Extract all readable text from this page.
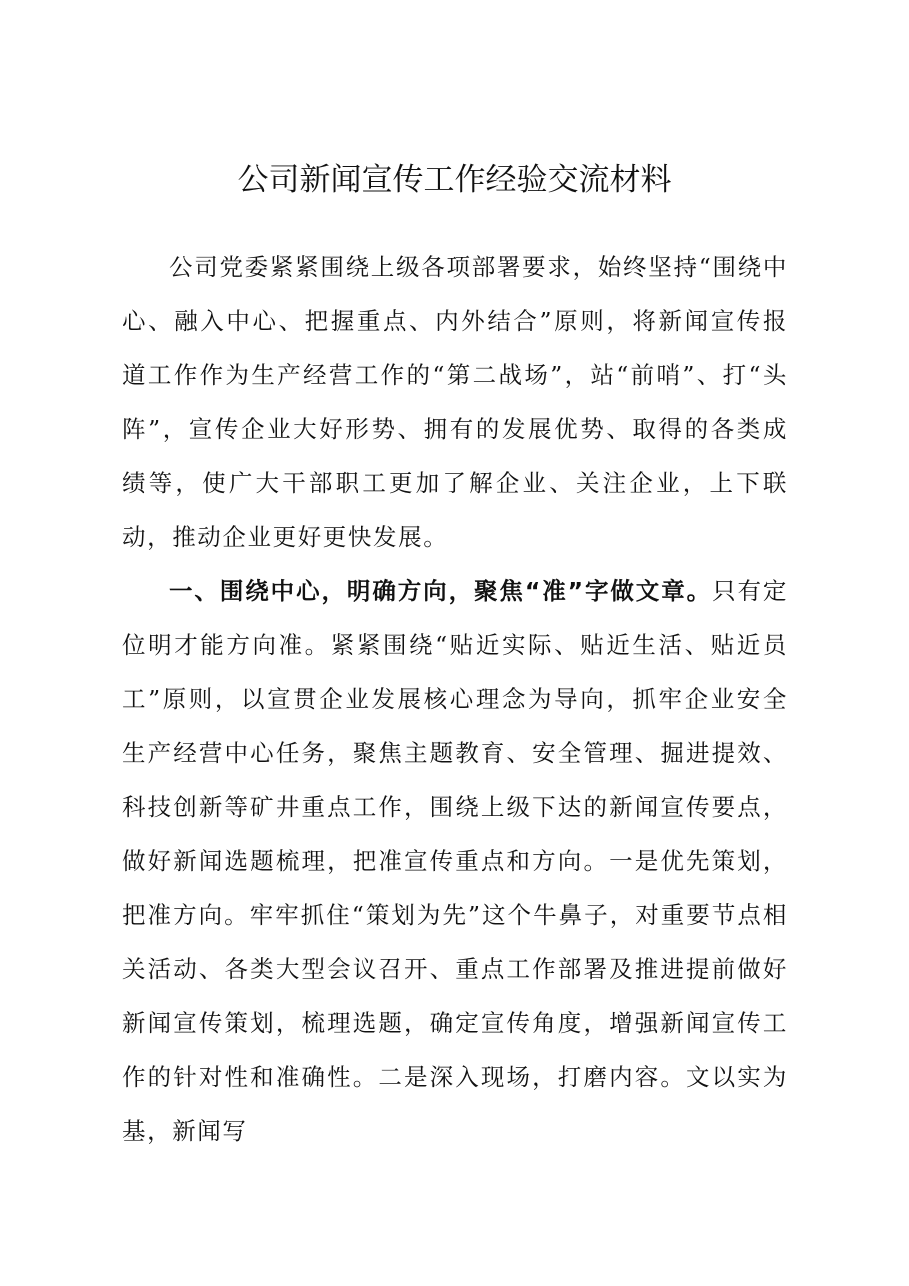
公司新闻宣传工作经验交流材料

公司党委紧紧围绕上级各项部署要求，始终坚持“围绕中心、融入中心、把握重点、内外结合”原则，将新闻宣传报道工作作为生产经营工作的“第二战场”，站“前哨”、打“头阵”，宣传企业大好形势、拥有的发展优势、取得的各类成绩等，使广大干部职工更加了解企业、关注企业，上下联动，推动企业更好更快发展。

一、围绕中心，明确方向，聚焦“准”字做文章。只有定位明才能方向准。紧紧围绕“贴近实际、贴近生活、贴近员工”原则，以宣贯企业发展核心理念为导向，抓牢企业安全生产经营中心任务，聚焦主题教育、安全管理、掘进提效、科技创新等矿井重点工作，围绕上级下达的新闻宣传要点，做好新闻选题梳理，把准宣传重点和方向。一是优先策划，把准方向。牢牢抓住“策划为先”这个牛鼻子，对重要节点相关活动、各类大型会议召开、重点工作部署及推进提前做好新闻宣传策划，梳理选题，确定宣传角度，增强新闻宣传工作的针对性和准确性。二是深入现场，打磨内容。文以实为基，新闻写
